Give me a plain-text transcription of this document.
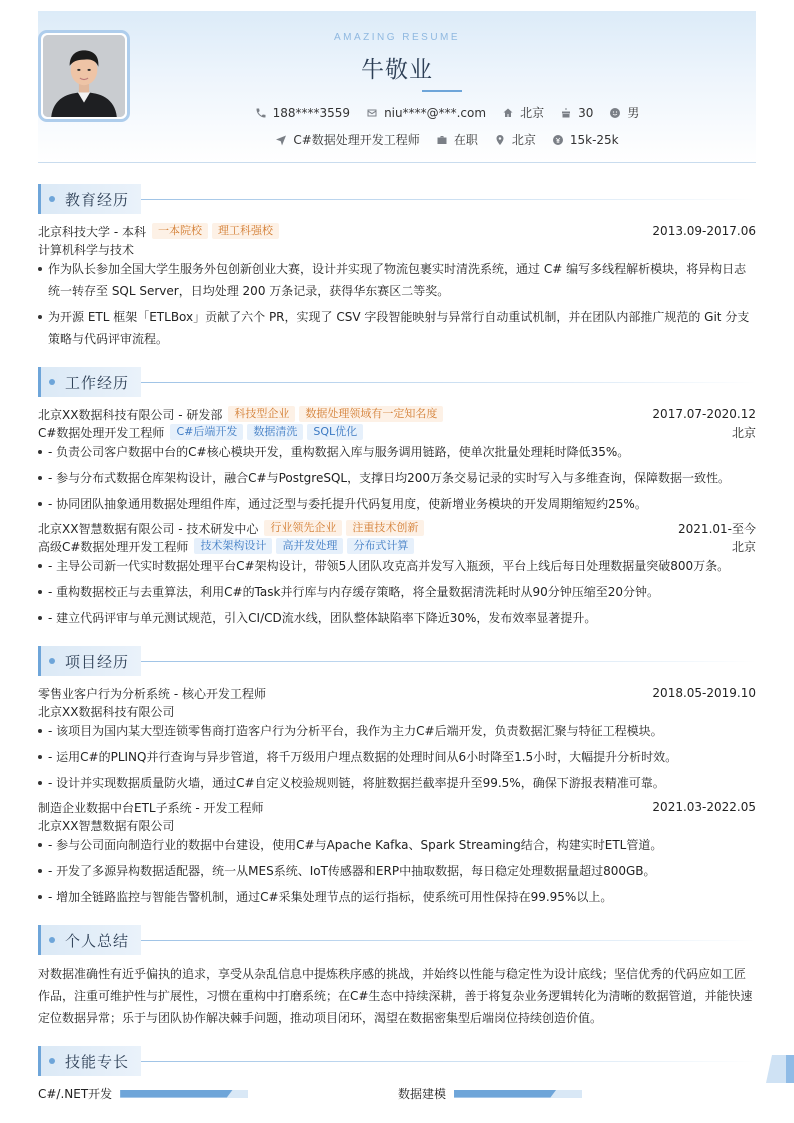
AMAZING RESUME
牛敬业
188****3559	niu****@***.com	北京	30	男
C#数据处理开发工程师	在职	北京	15k-25k
教育经历
北京科技大学 - 本科	一本院校	理工科强校	2013.09-2017.06
计算机科学与技术
作为队长参加全国大学生服务外包创新创业大赛，设计并实现了物流包裹实时清洗系统，通过 C# 编写多线程解析模块，将异构日志统一转存至 SQL Server，日均处理 200 万条记录，获得华东赛区二等奖。
为开源 ETL 框架「ETLBox」贡献了六个 PR，实现了 CSV 字段智能映射与异常行自动重试机制，并在团队内部推广规范的 Git 分支策略与代码评审流程。
工作经历
北京XX数据科技有限公司 - 研发部	科技型企业	数据处理领域有一定知名度	2017.07-2020.12
C#数据处理开发工程师	C#后端开发	数据清洗	SQL优化	北京
- 负责公司客户数据中台的C#核心模块开发，重构数据入库与服务调用链路，使单次批量处理耗时降低35%。
- 参与分布式数据仓库架构设计，融合C#与PostgreSQL，支撑日均200万条交易记录的实时写入与多维查询，保障数据一致性。
- 协同团队抽象通用数据处理组件库，通过泛型与委托提升代码复用度，使新增业务模块的开发周期缩短约25%。
北京XX智慧数据有限公司 - 技术研发中心	行业领先企业	注重技术创新	2021.01-至今
高级C#数据处理开发工程师	技术架构设计	高并发处理	分布式计算	北京
- 主导公司新一代实时数据处理平台C#架构设计，带领5人团队攻克高并发写入瓶颈，平台上线后每日处理数据量突破800万条。
- 重构数据校正与去重算法，利用C#的Task并行库与内存缓存策略，将全量数据清洗耗时从90分钟压缩至20分钟。
- 建立代码评审与单元测试规范，引入CI/CD流水线，团队整体缺陷率下降近30%，发布效率显著提升。
项目经历
零售业客户行为分析系统 - 核心开发工程师	2018.05-2019.10
北京XX数据科技有限公司
- 该项目为国内某大型连锁零售商打造客户行为分析平台，我作为主力C#后端开发，负责数据汇聚与特征工程模块。
- 运用C#的PLINQ并行查询与异步管道，将千万级用户埋点数据的处理时间从6小时降至1.5小时，大幅提升分析时效。
- 设计并实现数据质量防火墙，通过C#自定义校验规则链，将脏数据拦截率提升至99.5%，确保下游报表精准可靠。
制造企业数据中台ETL子系统 - 开发工程师	2021.03-2022.05
北京XX智慧数据有限公司
- 参与公司面向制造行业的数据中台建设，使用C#与Apache Kafka、Spark Streaming结合，构建实时ETL管道。
- 开发了多源异构数据适配器，统一从MES系统、IoT传感器和ERP中抽取数据，每日稳定处理数据量超过800GB。
- 增加全链路监控与智能告警机制，通过C#采集处理节点的运行指标，使系统可用性保持在99.95%以上。
个人总结
对数据准确性有近乎偏执的追求，享受从杂乱信息中提炼秩序感的挑战，并始终以性能与稳定性为设计底线；坚信优秀的代码应如工匠作品，注重可维护性与扩展性，习惯在重构中打磨系统；在C#生态中持续深耕，善于将复杂业务逻辑转化为清晰的数据管道，并能快速定位数据异常；乐于与团队协作解决棘手问题，推动项目闭环，渴望在数据密集型后端岗位持续创造价值。
技能专长
C#/.NET开发	数据建模
